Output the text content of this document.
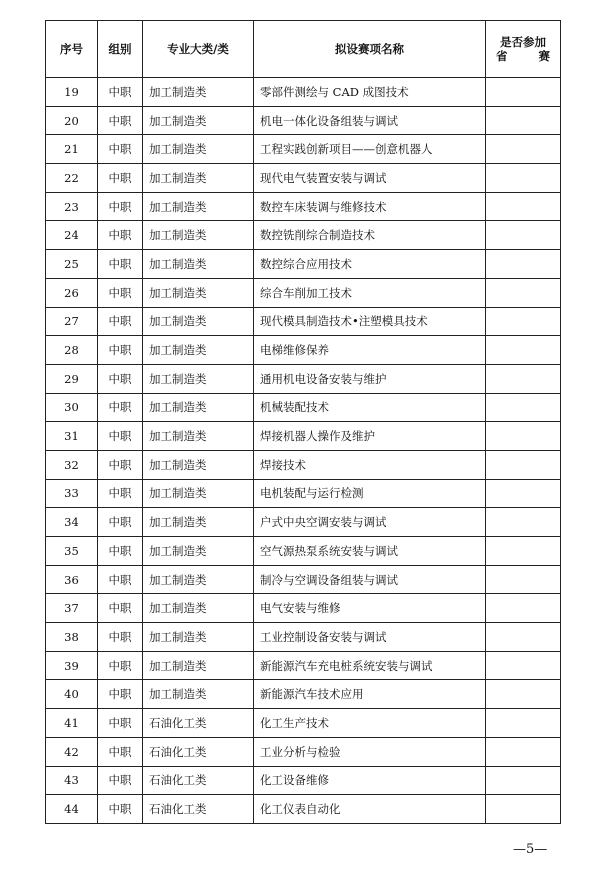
序号	组别	专业大类/类	拟设赛项名称	是否参加
省 赛

19	中职	加工制造类	零部件测绘与 CAD 成图技术	
20	中职	加工制造类	机电一体化设备组装与调试	
21	中职	加工制造类	工程实践创新项目——创意机器人	
22	中职	加工制造类	现代电气装置安装与调试	
23	中职	加工制造类	数控车床装调与维修技术	
24	中职	加工制造类	数控铣削综合制造技术	
25	中职	加工制造类	数控综合应用技术	
26	中职	加工制造类	综合车削加工技术	
27	中职	加工制造类	现代模具制造技术•注塑模具技术	
28	中职	加工制造类	电梯维修保养	
29	中职	加工制造类	通用机电设备安装与维护	
30	中职	加工制造类	机械装配技术	
31	中职	加工制造类	焊接机器人操作及维护	
32	中职	加工制造类	焊接技术	
33	中职	加工制造类	电机装配与运行检测	
34	中职	加工制造类	户式中央空调安装与调试	
35	中职	加工制造类	空气源热泵系统安装与调试	
36	中职	加工制造类	制冷与空调设备组装与调试	
37	中职	加工制造类	电气安装与维修	
38	中职	加工制造类	工业控制设备安装与调试	
39	中职	加工制造类	新能源汽车充电桩系统安装与调试	
40	中职	加工制造类	新能源汽车技术应用	
41	中职	石油化工类	化工生产技术	
42	中职	石油化工类	工业分析与检验	
43	中职	石油化工类	化工设备维修	
44	中职	石油化工类	化工仪表自动化	
—5—
